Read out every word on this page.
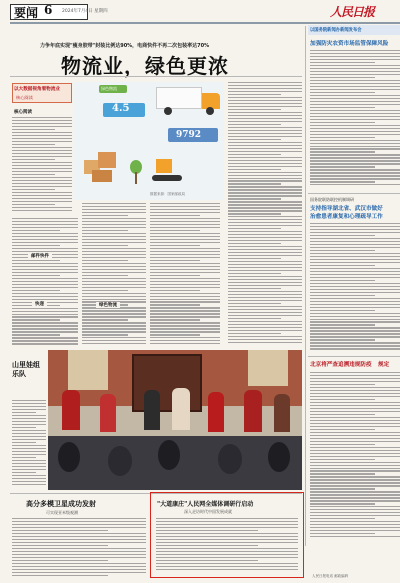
要闻 6 2024年7月4日 星期四	人民日报
力争年底实现"瘦身胶带"封装比例达90%，电商快件不再二次包装率达70%
物流业，绿色更浓
绿色物流
4.5
9792
数据来源：国家邮政局
以大数据视角看物流业
核心阅读
核心阅读
邮件快件
快递	绿色物流
山里娃组乐队
以国务院新闻办新闻发布会
加强防灾农资市场监管保障风险
国务院联防联控机制调研
支持指导湖北省、武汉市做好
治愈患者康复和心理疏导工作
北京将严查追溯违规防疫 规定
高分多模卫星成功发射
可实现亚米级观测
"大道康庄"人民网全媒体调研行启动
深入走访时代中国发展成就
人民日报电话 邮政编码
